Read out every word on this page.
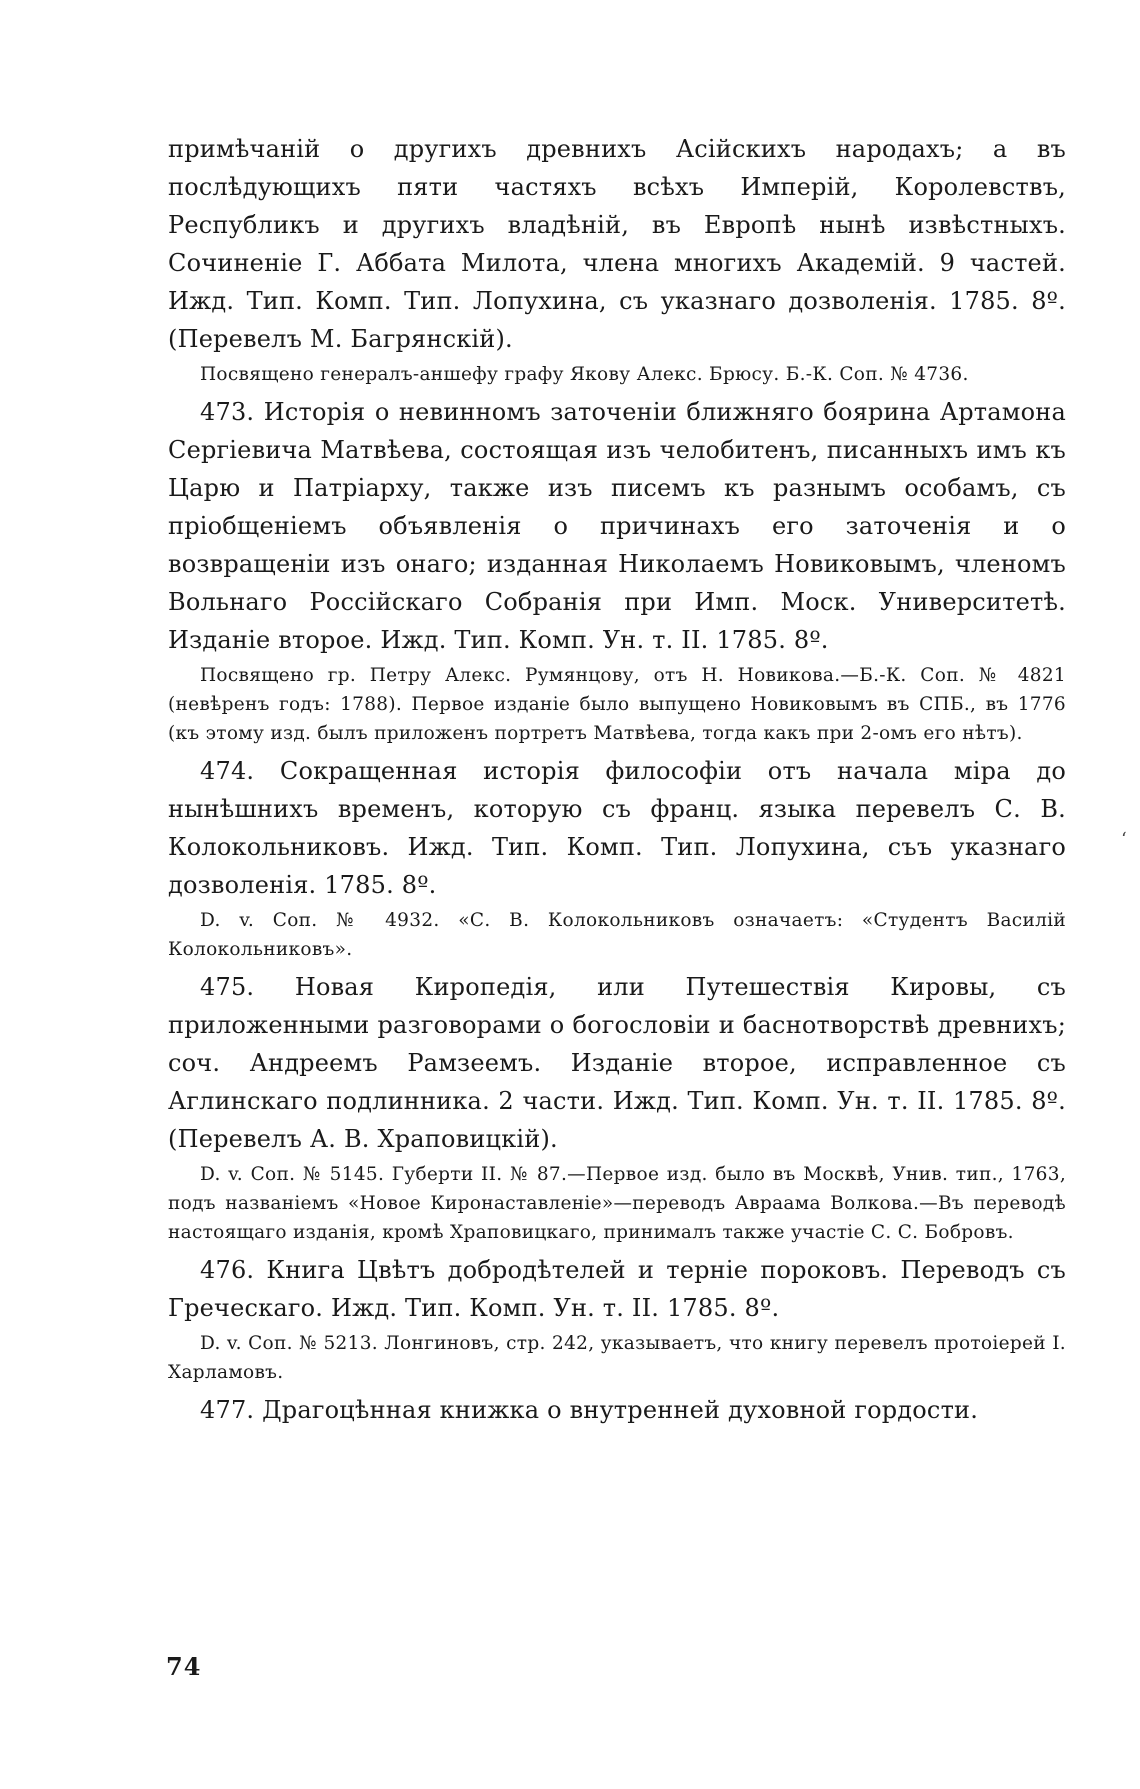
примѣчаній о другихъ древнихъ Асійскихъ народахъ; а въ послѣдующихъ пяти частяхъ всѣхъ Имперій, Королевствъ, Республикъ и другихъ владѣній, въ Европѣ нынѣ извѣстныхъ. Сочиненіе Г. Аббата Милота, члена многихъ Академій. 9 частей. Ижд. Тип. Комп. Тип. Лопухина, съ указнаго дозволенія. 1785. 8º. (Перевелъ М. Багрянскій).

Посвящено генералъ-аншефу графу Якову Алекс. Брюсу. Б.-К. Соп. № 4736.

473. Исторія о невинномъ заточеніи ближняго боярина Артамона Сергіевича Матвѣева, состоящая изъ челобитенъ, писанныхъ имъ къ Царю и Патріарху, также изъ писемъ къ разнымъ особамъ, съ пріобщеніемъ объявленія о причинахъ его заточенія и о возвращеніи изъ онаго; изданная Николаемъ Новиковымъ, членомъ Вольнаго Россійскаго Собранія при Имп. Моск. Университетѣ. Изданіе второе. Ижд. Тип. Комп. Ун. т. II. 1785. 8º.

Посвящено гр. Петру Алекс. Румянцову, отъ Н. Новикова.—Б.-К. Соп. № 4821 (невѣренъ годъ: 1788). Первое изданіе было выпущено Новиковымъ въ СПБ., въ 1776 (къ этому изд. былъ приложенъ портретъ Матвѣева, тогда какъ при 2-омъ его нѣтъ).

474. Сокращенная исторія философіи отъ начала міра до нынѣшнихъ временъ, которую съ франц. языка перевелъ С. В. Колокольниковъ. Ижд. Тип. Комп. Тип. Лопухина, съъ указнаго дозволенія. 1785. 8º.

D. v. Соп. № 4932. «С. В. Колокольниковъ означаетъ: «Студентъ Василій Колокольниковъ».

475. Новая Киропедія, или Путешествія Кировы, съ приложенными разговорами о богословіи и баснотворствѣ древнихъ; соч. Андреемъ Рамзеемъ. Изданіе второе, исправленное съ Аглинскаго подлинника. 2 части. Ижд. Тип. Комп. Ун. т. II. 1785. 8º. (Перевелъ А. В. Храповицкій).

D. v. Соп. № 5145. Губерти II. № 87.—Первое изд. было въ Москвѣ, Унив. тип., 1763, подъ названіемъ «Новое Киронаставленіе»—переводъ Авраама Волкова.—Въ переводѣ настоящаго изданія, кромѣ Храповицкаго, принималъ также участіе С. С. Бобровъ.

476. Книга Цвѣтъ добродѣтелей и терніе пороковъ. Переводъ съ Греческаго. Ижд. Тип. Комп. Ун. т. II. 1785. 8º.

D. v. Соп. № 5213. Лонгиновъ, стр. 242, указываетъ, что книгу перевелъ протоіерей І. Харламовъ.

477. Драгоцѣнная книжка о внутренней духовной гордости.

‘
74
